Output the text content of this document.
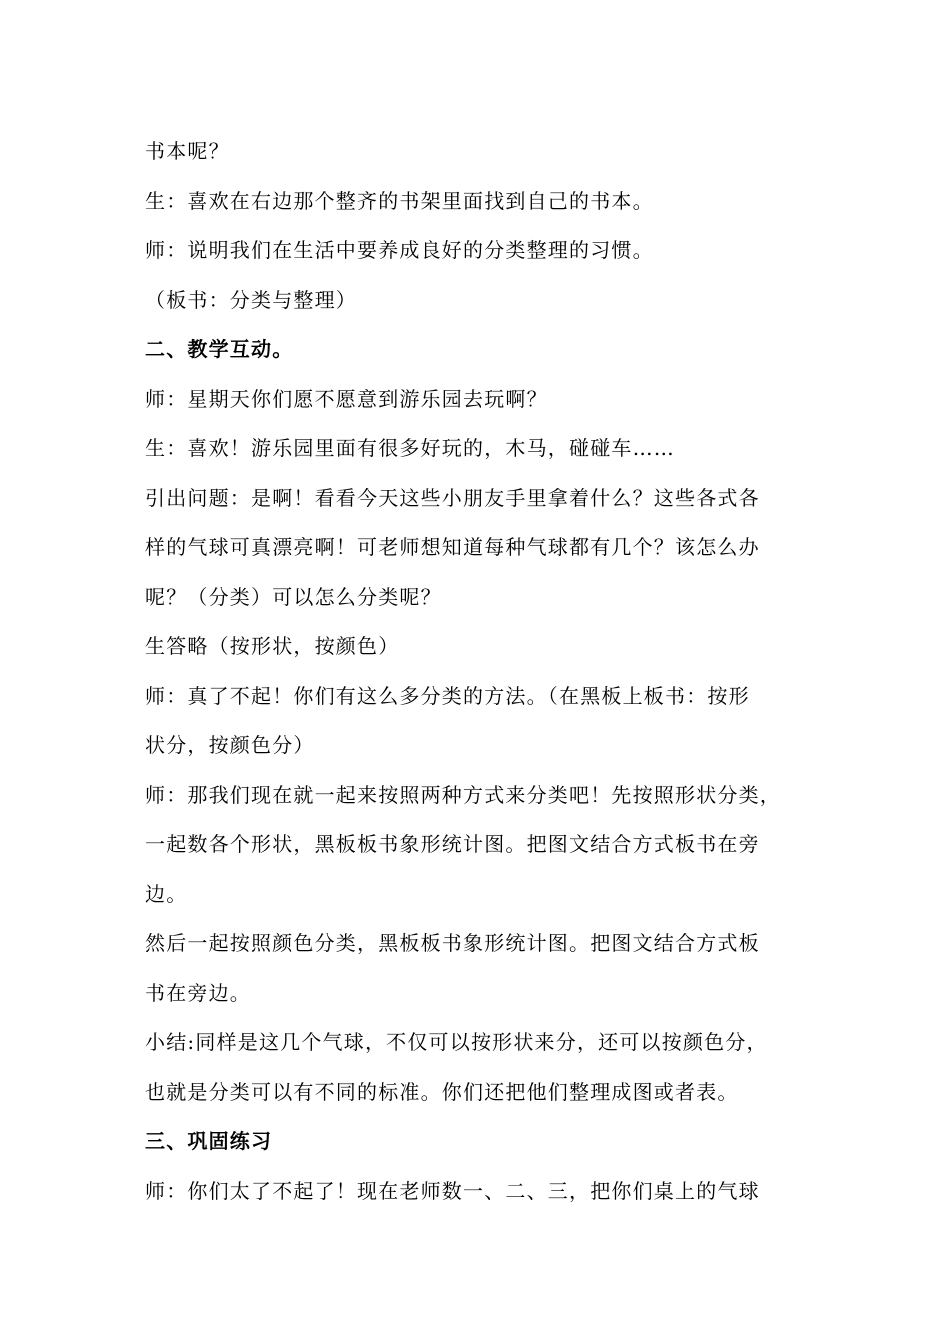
书本呢？
生：喜欢在右边那个整齐的书架里面找到自己的书本。
师：说明我们在生活中要养成良好的分类整理的习惯。
（板书：分类与整理）
二、教学互动。
师：星期天你们愿不愿意到游乐园去玩啊？
生：喜欢！游乐园里面有很多好玩的，木马，碰碰车……
引出问题：是啊！看看今天这些小朋友手里拿着什么？这些各式各
样的气球可真漂亮啊！可老师想知道每种气球都有几个？该怎么办
呢？（分类）可以怎么分类呢？
生答略（按形状，按颜色）
师：真了不起！你们有这么多分类的方法。（在黑板上板书：按形
状分，按颜色分）
师：那我们现在就一起来按照两种方式来分类吧！先按照形状分类，
一起数各个形状，黑板板书象形统计图。把图文结合方式板书在旁
边。
然后一起按照颜色分类，黑板板书象形统计图。把图文结合方式板
书在旁边。
小结:同样是这几个气球，不仅可以按形状来分，还可以按颜色分，
也就是分类可以有不同的标准。你们还把他们整理成图或者表。
三、巩固练习
师：你们太了不起了！现在老师数一、二、三，把你们桌上的气球
